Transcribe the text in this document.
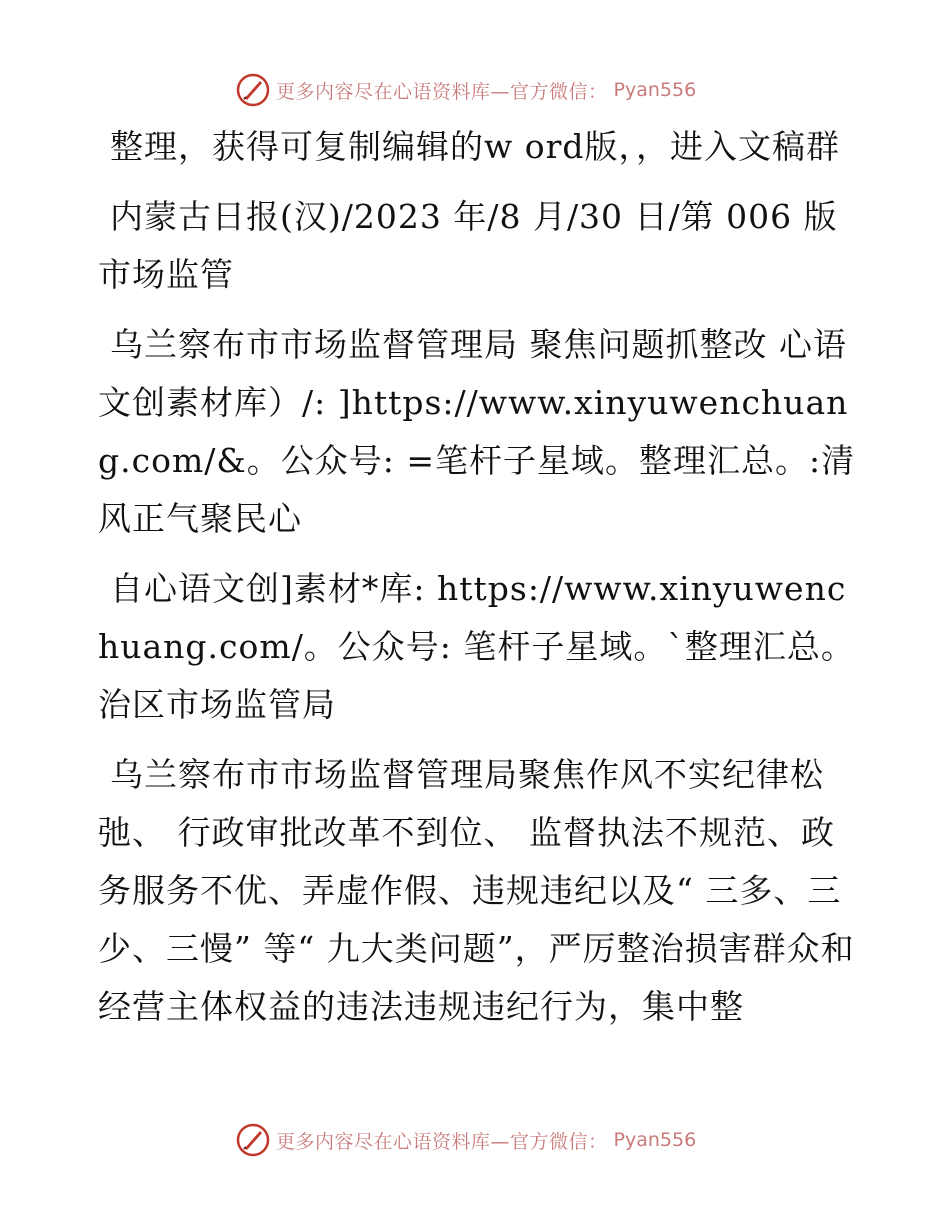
更多内容尽在心语资料库—官方微信： Pyan556

整理，获得可复制编辑的w ord版，，进入文稿群

内蒙古日报(汉)/2023 年/8 月/30 日/第 006 版市场监管

乌兰察布市市场监督管理局 聚焦问题抓整改 心语文创素材库）/: ]https://www.xinyuwenchuang.com/&。公众号: =笔杆子星域。整理汇总。:清风正气聚民心

自心语文创]素材*库: https://www.xinyuwenchuang.com/。公众号: 笔杆子星域。`整理汇总。治区市场监管局

乌兰察布市市场监督管理局聚焦作风不实纪律松弛、 行政审批改革不到位、 监督执法不规范、政务服务不优、弄虚作假、违规违纪以及“ 三多、三少、三慢” 等“ 九大类问题”，严厉整治损害群众和经营主体权益的违法违规违纪行为，集中整

更多内容尽在心语资料库—官方微信： Pyan556
